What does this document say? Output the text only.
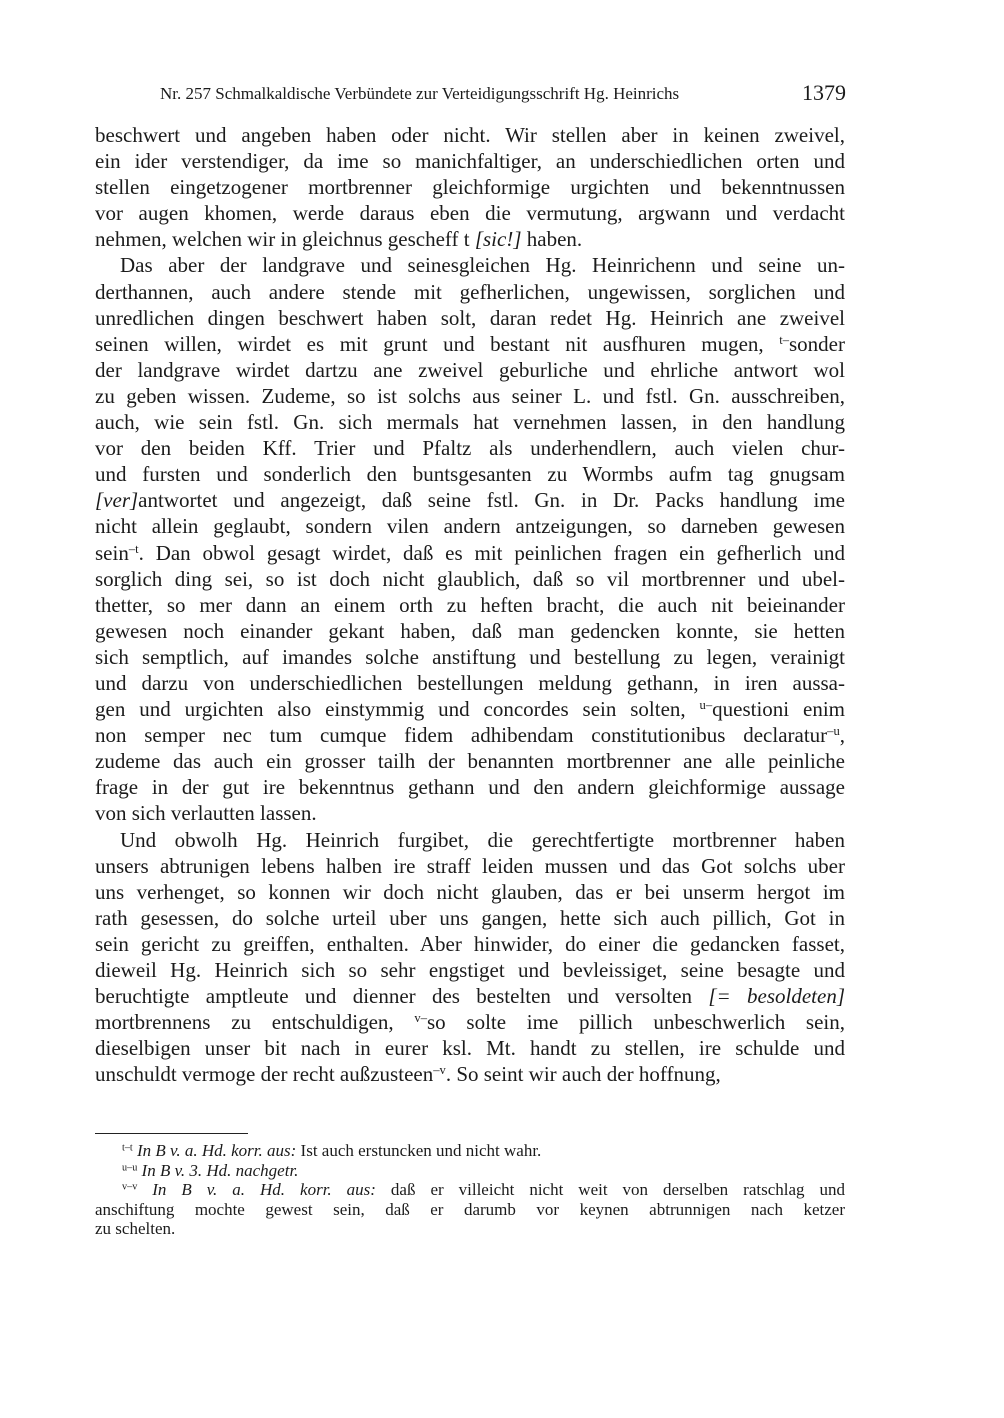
Nr. 257 Schmalkaldische Verbündete zur Verteidigungsschrift Hg. Heinrichs	1379
beschwert und angeben haben oder nicht. Wir stellen aber in keinen zweivel,
ein ider verstendiger, da ime so manichfaltiger, an underschiedlichen orten und
stellen eingetzogener mortbrenner gleichformige urgichten und bekenntnussen
vor augen khomen, werde daraus eben die vermutung, argwann und verdacht
nehmen, welchen wir in gleichnus gescheff t [sic!] haben.
Das aber der landgrave und seinesgleichen Hg. Heinrichenn und seine un-
derthannen, auch andere stende mit gefherlichen, ungewissen, sorglichen und
unredlichen dingen beschwert haben solt, daran redet Hg. Heinrich ane zweivel
seinen willen, wirdet es mit grunt und bestant nit ausfhuren mugen, $^{t-}$sonder
der landgrave wirdet dartzu ane zweivel geburliche und ehrliche antwort wol
zu geben wissen. Zudeme, so ist solchs aus seiner L. und fstl. Gn. ausschreiben,
auch, wie sein fstl. Gn. sich mermals hat vernehmen lassen, in den handlung
vor den beiden Kff. Trier und Pfaltz als underhendlern, auch vielen chur-
und fursten und sonderlich den buntsgesanten zu Wormbs aufm tag gnugsam
[ver]antwortet und angezeigt, daß seine fstl. Gn. in Dr. Packs handlung ime
nicht allein geglaubt, sondern vilen andern antzeigungen, so darneben gewesen
sein$^{-t}$. Dan obwol gesagt wirdet, daß es mit peinlichen fragen ein gefherlich und
sorglich ding sei, so ist doch nicht glaublich, daß so vil mortbrenner und ubel-
thetter, so mer dann an einem orth zu heften bracht, die auch nit beieinander
gewesen noch einander gekant haben, daß man gedencken konnte, sie hetten
sich semptlich, auf imandes solche anstiftung und bestellung zu legen, verainigt
und darzu von underschiedlichen bestellungen meldung gethann, in iren aussa-
gen und urgichten also einstymmig und concordes sein solten, $^{u-}$questioni enim
non semper nec tum cumque fidem adhibendam constitutionibus declaratur$^{-u}$,
zudeme das auch ein grosser tailh der benannten mortbrenner ane alle peinliche
frage in der gut ire bekenntnus gethann und den andern gleichformige aussage
von sich verlautten lassen.
Und obwolh Hg. Heinrich furgibet, die gerechtfertigte mortbrenner haben
unsers abtrunigen lebens halben ire straff leiden mussen und das Got solchs uber
uns verhenget, so konnen wir doch nicht glauben, das er bei unserm hergot im
rath gesessen, do solche urteil uber uns gangen, hette sich auch pillich, Got in
sein gericht zu greiffen, enthalten. Aber hinwider, do einer die gedancken fasset,
dieweil Hg. Heinrich sich so sehr engstiget und bevleissiget, seine besagte und
beruchtigte amptleute und dienner des bestelten und versolten [= besoldeten]
mortbrennens zu entschuldigen, $^{v-}$so solte ime pillich unbeschwerlich sein,
dieselbigen unser bit nach in eurer ksl. Mt. handt zu stellen, ire schulde und
unschuldt vermoge der recht außzusteen$^{-v}$. So seint wir auch der hoffnung,
$^{t-t}$ In B v. a. Hd. korr. aus: Ist auch erstuncken und nicht wahr.
$^{u-u}$ In B v. 3. Hd. nachgetr.
$^{v-v}$ In B v. a. Hd. korr. aus: daß er villeicht nicht weit von derselben ratschlag und
anschiftung mochte gewest sein, daß er darumb vor keynen abtrunnigen nach ketzer
zu schelten.
